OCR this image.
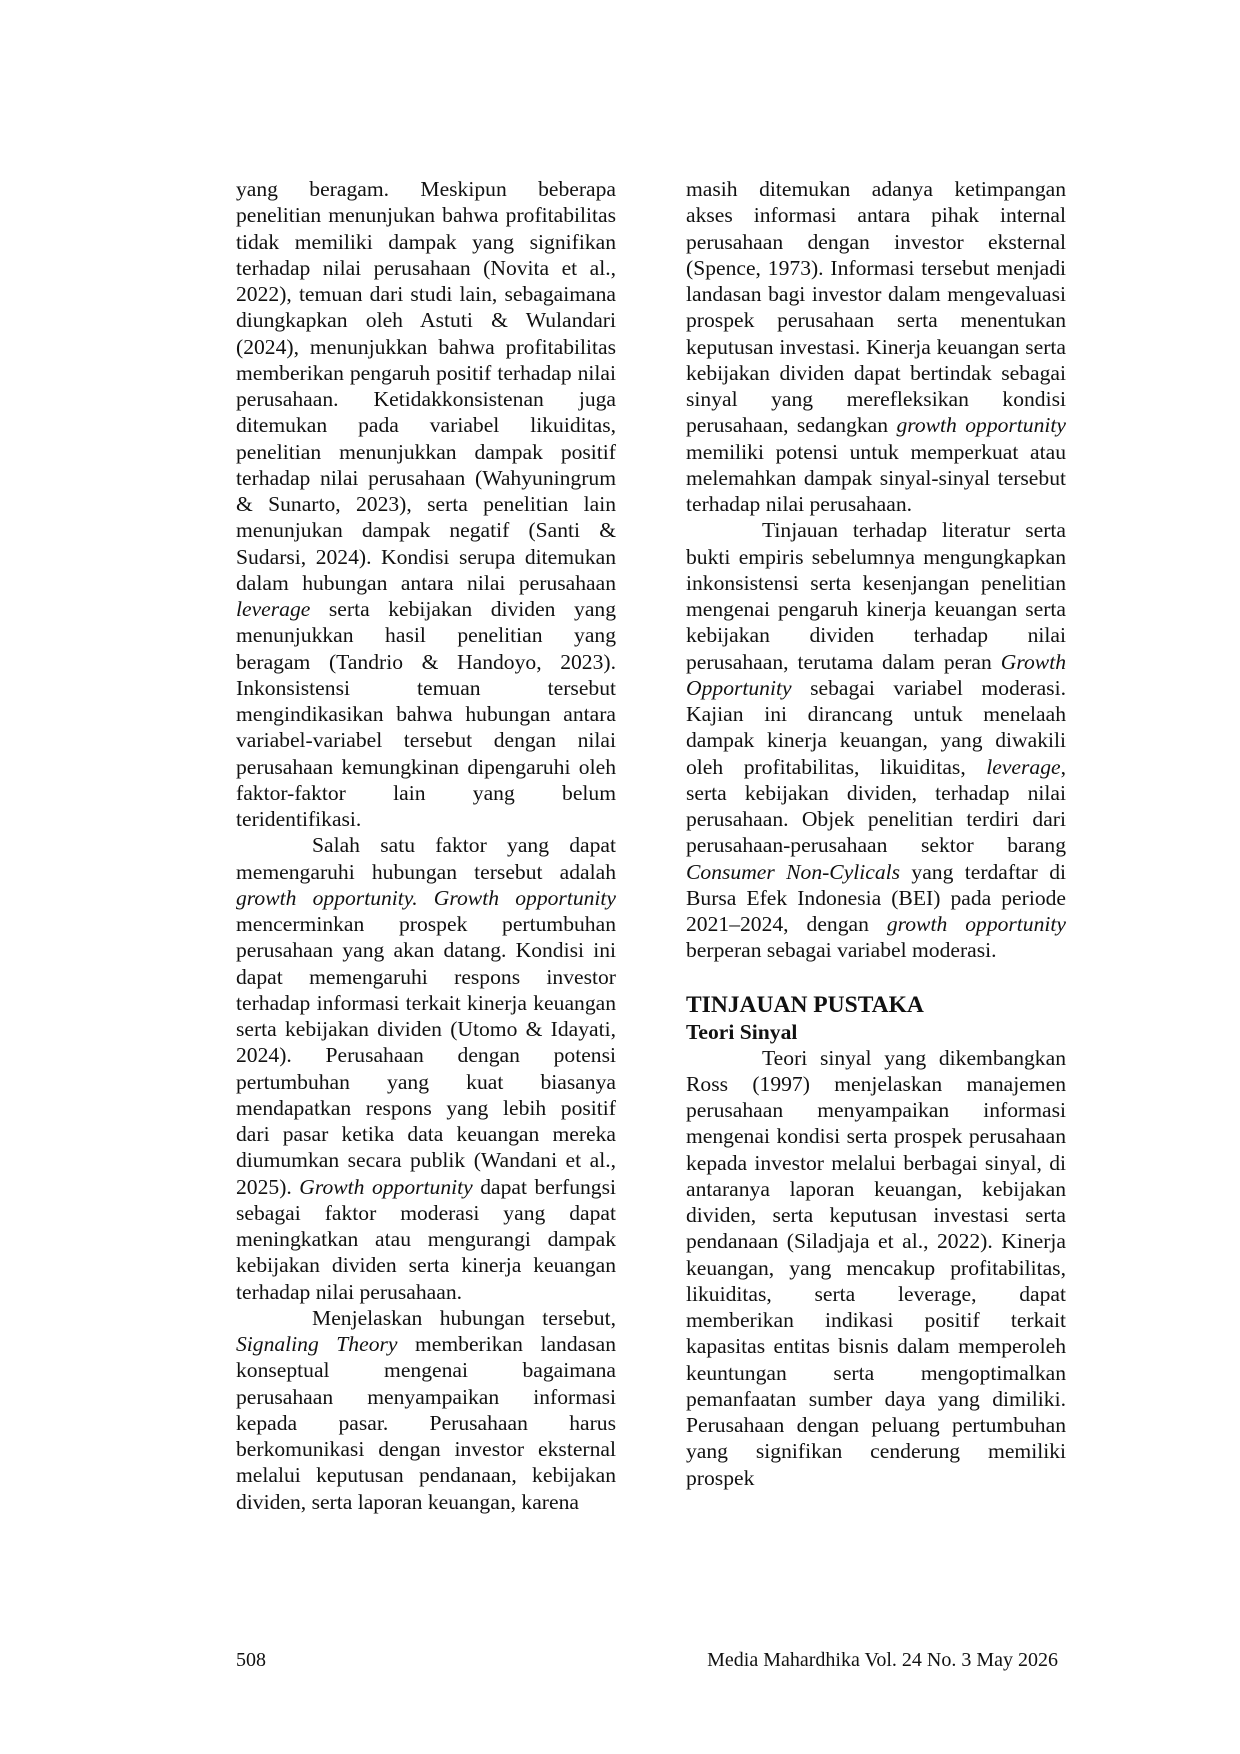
yang beragam. Meskipun beberapa penelitian menunjukan bahwa profitabilitas tidak memiliki dampak yang signifikan terhadap nilai perusahaan (Novita et al., 2022), temuan dari studi lain, sebagaimana diungkapkan oleh Astuti & Wulandari (2024), menunjukkan bahwa profitabilitas memberikan pengaruh positif terhadap nilai perusahaan. Ketidakkonsistenan juga ditemukan pada variabel likuiditas, penelitian menunjukkan dampak positif terhadap nilai perusahaan (Wahyuningrum & Sunarto, 2023), serta penelitian lain menunjukan dampak negatif (Santi & Sudarsi, 2024). Kondisi serupa ditemukan dalam hubungan antara nilai perusahaan leverage serta kebijakan dividen yang menunjukkan hasil penelitian yang beragam (Tandrio & Handoyo, 2023). Inkonsistensi temuan tersebut mengindikasikan bahwa hubungan antara variabel-variabel tersebut dengan nilai perusahaan kemungkinan dipengaruhi oleh faktor-faktor lain yang belum teridentifikasi.

Salah satu faktor yang dapat memengaruhi hubungan tersebut adalah growth opportunity. Growth opportunity mencerminkan prospek pertumbuhan perusahaan yang akan datang. Kondisi ini dapat memengaruhi respons investor terhadap informasi terkait kinerja keuangan serta kebijakan dividen (Utomo & Idayati, 2024). Perusahaan dengan potensi pertumbuhan yang kuat biasanya mendapatkan respons yang lebih positif dari pasar ketika data keuangan mereka diumumkan secara publik (Wandani et al., 2025). Growth opportunity dapat berfungsi sebagai faktor moderasi yang dapat meningkatkan atau mengurangi dampak kebijakan dividen serta kinerja keuangan terhadap nilai perusahaan.

Menjelaskan hubungan tersebut, Signaling Theory memberikan landasan konseptual mengenai bagaimana perusahaan menyampaikan informasi kepada pasar. Perusahaan harus berkomunikasi dengan investor eksternal melalui keputusan pendanaan, kebijakan dividen, serta laporan keuangan, karena

masih ditemukan adanya ketimpangan akses informasi antara pihak internal perusahaan dengan investor eksternal (Spence, 1973). Informasi tersebut menjadi landasan bagi investor dalam mengevaluasi prospek perusahaan serta menentukan keputusan investasi. Kinerja keuangan serta kebijakan dividen dapat bertindak sebagai sinyal yang merefleksikan kondisi perusahaan, sedangkan growth opportunity memiliki potensi untuk memperkuat atau melemahkan dampak sinyal-sinyal tersebut terhadap nilai perusahaan.

Tinjauan terhadap literatur serta bukti empiris sebelumnya mengungkapkan inkonsistensi serta kesenjangan penelitian mengenai pengaruh kinerja keuangan serta kebijakan dividen terhadap nilai perusahaan, terutama dalam peran Growth Opportunity sebagai variabel moderasi. Kajian ini dirancang untuk menelaah dampak kinerja keuangan, yang diwakili oleh profitabilitas, likuiditas, leverage, serta kebijakan dividen, terhadap nilai perusahaan. Objek penelitian terdiri dari perusahaan-perusahaan sektor barang Consumer Non-Cylicals yang terdaftar di Bursa Efek Indonesia (BEI) pada periode 2021–2024, dengan growth opportunity berperan sebagai variabel moderasi.

TINJAUAN PUSTAKA
Teori Sinyal

Teori sinyal yang dikembangkan Ross (1997) menjelaskan manajemen perusahaan menyampaikan informasi mengenai kondisi serta prospek perusahaan kepada investor melalui berbagai sinyal, di antaranya laporan keuangan, kebijakan dividen, serta keputusan investasi serta pendanaan (Siladjaja et al., 2022). Kinerja keuangan, yang mencakup profitabilitas, likuiditas, serta leverage, dapat memberikan indikasi positif terkait kapasitas entitas bisnis dalam memperoleh keuntungan serta mengoptimalkan pemanfaatan sumber daya yang dimiliki. Perusahaan dengan peluang pertumbuhan yang signifikan cenderung memiliki prospek

508	Media Mahardhika Vol. 24 No. 3 May 2026
